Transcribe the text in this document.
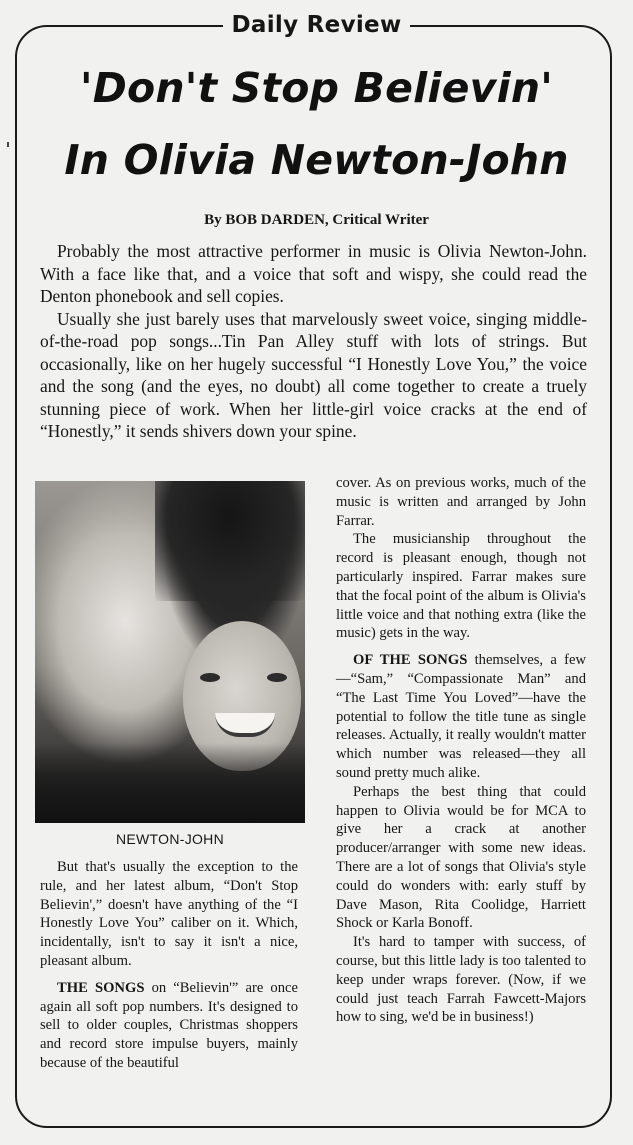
Daily Review
'Don't Stop Believin'
In Olivia Newton-John
By BOB DARDEN, Critical Writer

Probably the most attractive performer in music is Olivia Newton-John. With a face like that, and a voice that soft and wispy, she could read the Denton phonebook and sell copies.

Usually she just barely uses that marvelously sweet voice, singing middle-of-the-road pop songs...Tin Pan Alley stuff with lots of strings. But occasionally, like on her hugely successful “I Honestly Love You,” the voice and the song (and the eyes, no doubt) all come together to create a truely stunning piece of work. When her little-girl voice cracks at the end of “Honestly,” it sends shivers down your spine.

NEWTON-JOHN

But that's usually the exception to the rule, and her latest album, “Don't Stop Believin',” doesn't have anything of the “I Honestly Love You” caliber on it. Which, incidentally, isn't to say it isn't a nice, pleasant album.

THE SONGS on “Believin'” are once again all soft pop numbers. It's designed to sell to older couples, Christmas shoppers and record store impulse buyers, mainly because of the beautiful

cover. As on previous works, much of the music is written and arranged by John Farrar.

The musicianship throughout the record is pleasant enough, though not particularly inspired. Farrar makes sure that the focal point of the album is Olivia's little voice and that nothing extra (like the music) gets in the way.

OF THE SONGS themselves, a few—“Sam,” “Compassionate Man” and “The Last Time You Loved”—have the potential to follow the title tune as single releases. Actually, it really wouldn't matter which number was released—they all sound pretty much alike.

Perhaps the best thing that could happen to Olivia would be for MCA to give her a crack at another producer/arranger with some new ideas. There are a lot of songs that Olivia's style could do wonders with: early stuff by Dave Mason, Rita Coolidge, Harriett Shock or Karla Bonoff.

It's hard to tamper with success, of course, but this little lady is too talented to keep under wraps forever. (Now, if we could just teach Farrah Fawcett-Majors how to sing, we'd be in business!)
